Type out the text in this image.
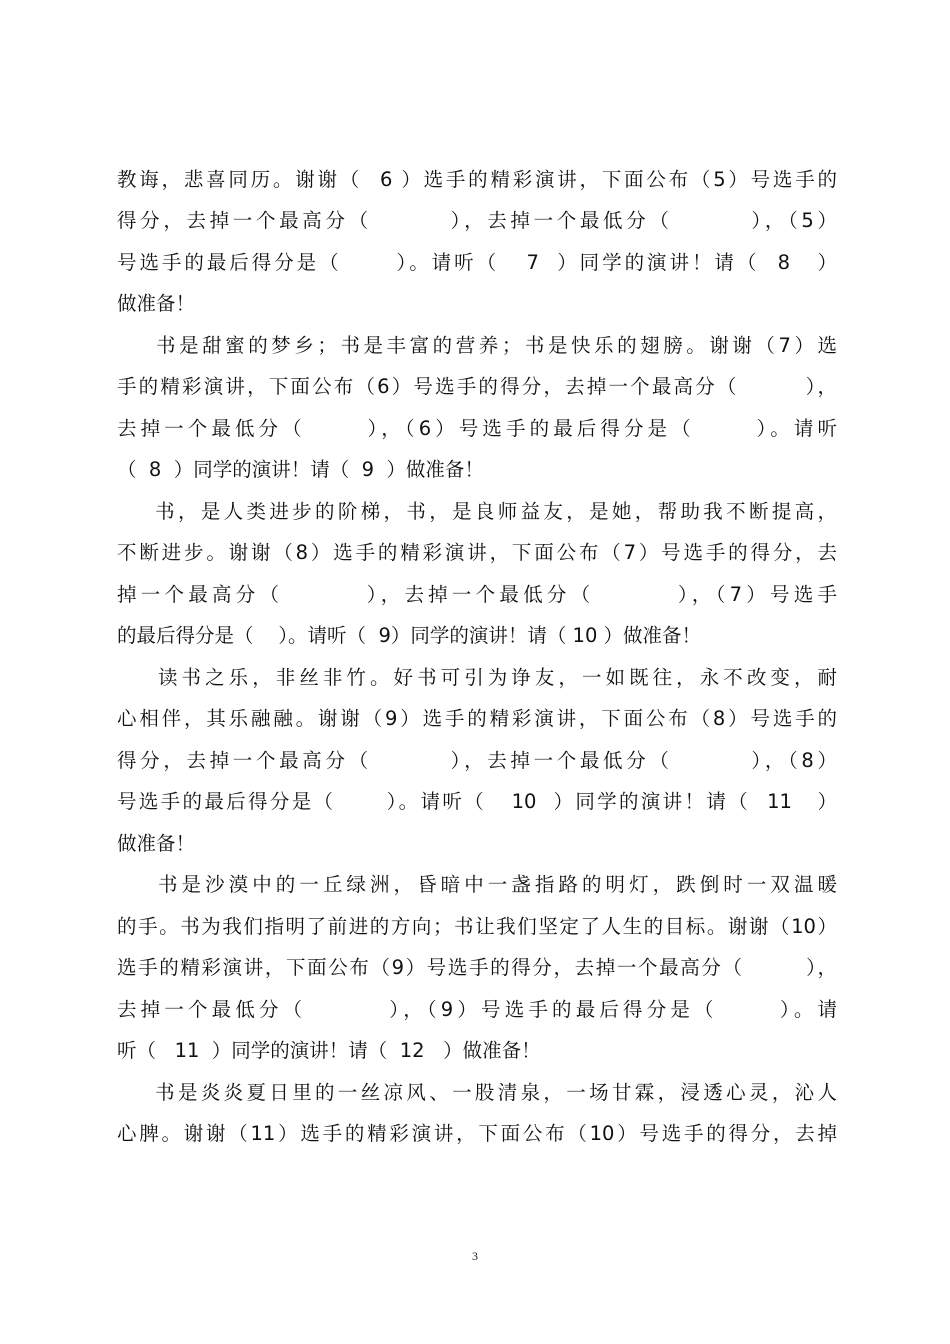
教诲，悲喜同历。谢谢（  6 ）选手的精彩演讲，下面公布（5）号选手的
得分，去掉一个最高分（        ），去掉一个最低分（        ），（5）
号选手的最后得分是（      ）。请听（   7  ）同学的演讲！请（  8   ）
做准备！
书是甜蜜的梦乡；书是丰富的营养；书是快乐的翅膀。谢谢（7）选
手的精彩演讲，下面公布（6）号选手的得分，去掉一个最高分（        ），
去掉一个最低分（      ），（6）号选手的最后得分是（      ）。请听
（  8  ）同学的演讲！请（  9  ）做准备！
书，是人类进步的阶梯，书，是良师益友，是她，帮助我不断提高，
不断进步。谢谢（8）选手的精彩演讲，下面公布（7）号选手的得分，去
掉一个最高分（        ），去掉一个最低分（        ），（7）号选手
的最后得分是（    ）。请听（  9）同学的演讲！请（ 10 ）做准备！
读书之乐，非丝非竹。好书可引为诤友，一如既往，永不改变，耐
心相伴，其乐融融。谢谢（9）选手的精彩演讲，下面公布（8）号选手的
得分，去掉一个最高分（        ），去掉一个最低分（        ），（8）
号选手的最后得分是（      ）。请听（   10  ）同学的演讲！请（  11   ）
做准备！
书是沙漠中的一丘绿洲，昏暗中一盏指路的明灯，跌倒时一双温暖
的手。书为我们指明了前进的方向；书让我们坚定了人生的目标。谢谢（10）
选手的精彩演讲，下面公布（9）号选手的得分，去掉一个最高分（        ），
去掉一个最低分（        ），（9）号选手的最后得分是（      ）。请
听（   11  ）同学的演讲！请（  12   ）做准备！
书是炎炎夏日里的一丝凉风、一股清泉，一场甘霖，浸透心灵，沁人
心脾。谢谢（11）选手的精彩演讲，下面公布（10）号选手的得分，去掉
3
